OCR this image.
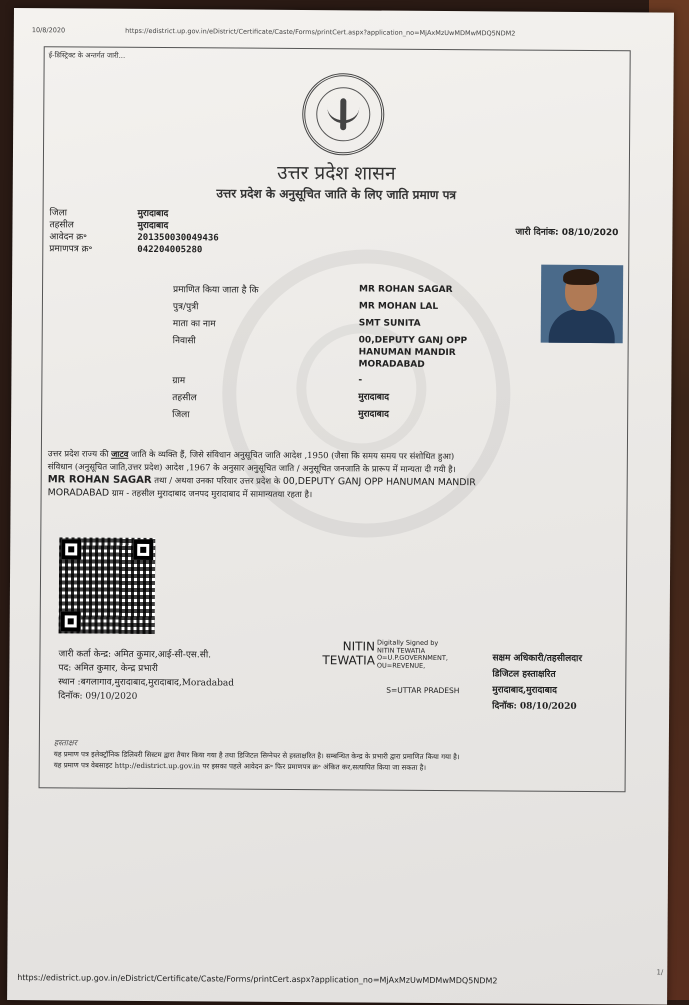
10/8/2020	https://edistrict.up.gov.in/eDistrict/Certificate/Caste/Forms/printCert.aspx?application_no=MjAxMzUwMDMwMDQ5NDM2
ई-डिस्ट्रिक्ट के अन्तर्गत जारी...
उत्तर प्रदेश शासन
उत्तर प्रदेश के अनुसूचित जाति के लिए जाति प्रमाण पत्र
जिला	मुरादाबाद
तहसील	मुरादाबाद
आवेदन क्र॰	201350030049436
प्रमाणपत्र क्र॰	042204005280
जारी दिनांक: 08/10/2020
प्रमाणित किया जाता है कि	MR ROHAN SAGAR
पुत्र/पुत्री	MR MOHAN LAL
माता का नाम	SMT SUNITA
निवासी	00,DEPUTY GANJ OPP
HANUMAN MANDIR
MORADABAD
ग्राम	-
तहसील	मुरादाबाद
जिला	मुरादाबाद
उत्तर प्रदेश राज्य की जाटव जाति के व्यक्ति हैं, जिसे संविधान अनुसूचित जाति आदेश ,1950 (जैसा कि समय समय पर संशोधित हुआ)
संविधान (अनुसूचित जाति,उत्तर प्रदेश) आदेश ,1967 के अनुसार अनुसूचित जाति / अनुसूचित जनजाति के प्रारूप में मान्यता दी गयी है।
MR ROHAN SAGAR तथा / अथवा उनका परिवार उत्तर प्रदेश के 00,DEPUTY GANJ OPP HANUMAN MANDIR
MORADABAD ग्राम - तहसील मुरादाबाद जनपद मुरादाबाद में सामान्यतया रहता है।
जारी कर्ता केन्द्र: अमित कुमार,आई-सी-एस.सी.
पद: अमित कुमार, केन्द्र प्रभारी
स्थान :बगलागाव,मुरादाबाद,मुरादाबाद,Moradabad
दिनॉक: 09/10/2020
NITIN
TEWATIA
Digitally Signed by
NITIN TEWATIA
O=U.P.GOVERNMENT,
OU=REVENUE,
S=UTTAR PRADESH
सक्षम अधिकारी/तहसीलदार
डिजिटल हस्ताक्षरित
मुरादाबाद,मुरादाबाद
दिनॉक: 08/10/2020
हस्ताक्षर
यह प्रमाण पत्र इलेक्ट्रॉनिक डिलिवरी सिस्टम द्वारा तैयार किया गया है तथा डिजिटल सिग्नेचर से हस्ताक्षरित है। सम्बन्धित केन्द्र के प्रभारी द्वारा प्रमाणित किया गया है।
यह प्रमाण पत्र वेबसाइट http://edistrict.up.gov.in पर इसका पहले आवेदन क्र॰ फिर प्रमाणपत्र क्र॰ अंकित कर,सत्यापित किया जा सकता है।
1/
https://edistrict.up.gov.in/eDistrict/Certificate/Caste/Forms/printCert.aspx?application_no=MjAxMzUwMDMwMDQ5NDM2
